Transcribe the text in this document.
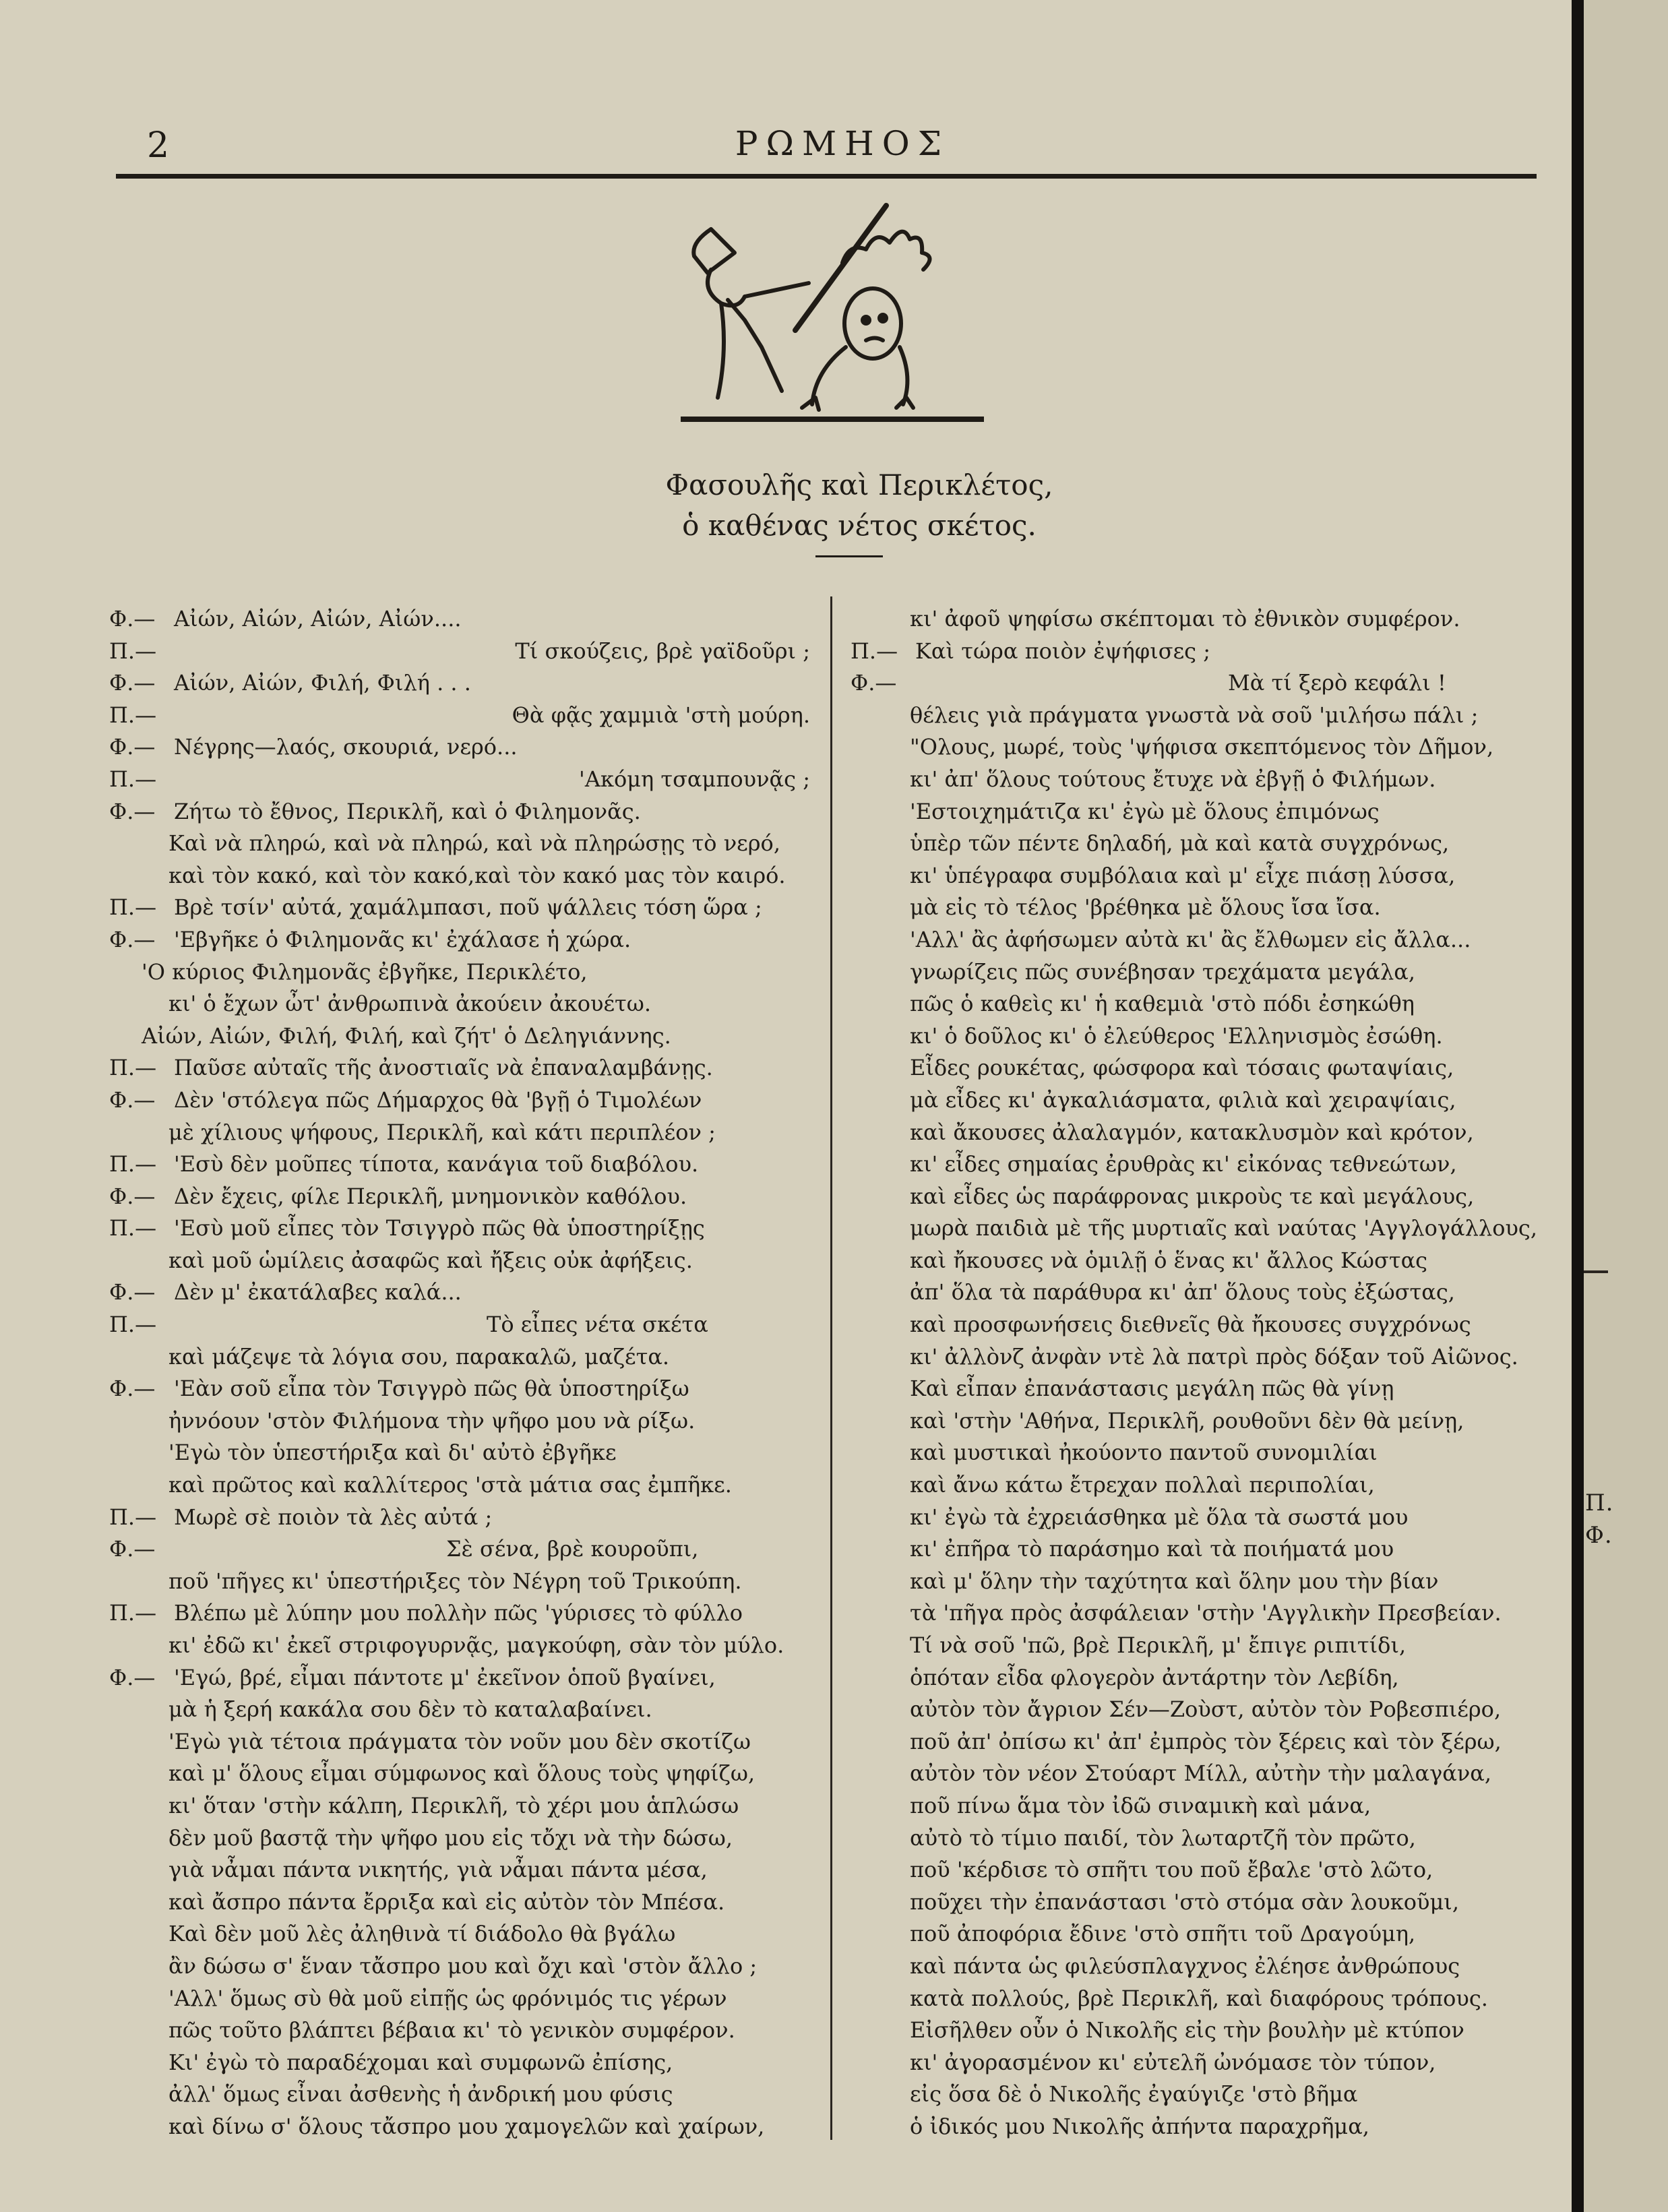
2	ΡΩΜΗΟΣ
Φασουλῆς καὶ Περικλέτος,
ὁ καθένας νέτος σκέτος.
Φ.— Αἰών, Αἰών, Αἰών, Αἰών....
Π.—	Τί σκούζεις, βρὲ γαϊδοῦρι ;
Φ.— Αἰών, Αἰών, Φιλή, Φιλή . . .
Π.—	Θὰ φᾷς χαμμιὰ 'στὴ μούρη.
Φ.— Νέγρης—λαός, σκουριά, νερό...
Π.—	'Ακόμη τσαμπουνᾷς ;
Φ.— Ζήτω τὸ ἔθνος, Περικλῆ, καὶ ὁ Φιλημονᾶς.
Καὶ νὰ πληρώ, καὶ νὰ πληρώ, καὶ νὰ πληρώσῃς τὸ νερό,
καὶ τὸν κακό, καὶ τὸν κακό,καὶ τὸν κακό μας τὸν καιρό.
Π.— Βρὲ τσίν' αὐτά, χαμάλμπασι, ποῦ ψάλλεις τόση ὥρα ;
Φ.— 'Εβγῆκε ὁ Φιλημονᾶς κι' ἐχάλασε ἡ χώρα.
'Ο κύριος Φιλημονᾶς ἐβγῆκε, Περικλέτο,
κι' ὁ ἔχων ὦτ' ἀνθρωπινὰ ἀκούειν ἀκουέτω.
Αἰών, Αἰών, Φιλή, Φιλή, καὶ ζήτ' ὁ Δεληγιάννης.
Π.— Παῦσε αὐταῖς τῆς ἀνοστιαῖς νὰ ἐπαναλαμβάνῃς.
Φ.— Δὲν 'στόλεγα πῶς Δήμαρχος θὰ 'βγῇ ὁ Τιμολέων
μὲ χίλιους ψήφους, Περικλῆ, καὶ κάτι περιπλέον ;
Π.— 'Εσὺ δὲν μοῦπες τίποτα, κανάγια τοῦ διαβόλου.
Φ.— Δὲν ἔχεις, φίλε Περικλῆ, μνημονικὸν καθόλου.
Π.— 'Εσὺ μοῦ εἶπες τὸν Τσιγγρὸ πῶς θὰ ὑποστηρίξῃς
καὶ μοῦ ὡμίλεις ἀσαφῶς καὶ ἤξεις οὐκ ἀφήξεις.
Φ.— Δὲν μ' ἐκατάλαβες καλά...
Π.—	Τὸ εἶπες νέτα σκέτα
καὶ μάζεψε τὰ λόγια σου, παρακαλῶ, μαζέτα.
Φ.— 'Εὰν σοῦ εἶπα τὸν Τσιγγρὸ πῶς θὰ ὑποστηρίξω
ἠννόουν 'στὸν Φιλήμονα τὴν ψῆφο μου νὰ ρίξω.
'Εγὼ τὸν ὑπεστήριξα καὶ δι' αὐτὸ ἐβγῆκε
καὶ πρῶτος καὶ καλλίτερος 'στὰ μάτια σας ἐμπῆκε.
Π.— Μωρὲ σὲ ποιὸν τὰ λὲς αὐτά ;
Φ.—	Σὲ σένα, βρὲ κουροῦπι,
ποῦ 'πῆγες κι' ὑπεστήριξες τὸν Νέγρη τοῦ Τρικούπη.
Π.— Βλέπω μὲ λύπην μου πολλὴν πῶς 'γύρισες τὸ φύλλο
κι' ἐδῶ κι' ἐκεῖ στριφογυρνᾷς, μαγκούφη, σὰν τὸν μύλο.
Φ.— 'Εγώ, βρέ, εἶμαι πάντοτε μ' ἐκεῖνον ὁποῦ βγαίνει,
μὰ ἡ ξερή κακάλα σου δὲν τὸ καταλαβαίνει.
'Εγὼ γιὰ τέτοια πράγματα τὸν νοῦν μου δὲν σκοτίζω
καὶ μ' ὅλους εἶμαι σύμφωνος καὶ ὅλους τοὺς ψηφίζω,
κι' ὅταν 'στὴν κάλπη, Περικλῆ, τὸ χέρι μου ἁπλώσω
δὲν μοῦ βαστᾷ τὴν ψῆφο μου εἰς τὄχι νὰ τὴν δώσω,
γιὰ νἆμαι πάντα νικητής, γιὰ νἆμαι πάντα μέσα,
καὶ ἄσπρο πάντα ἔρριξα καὶ εἰς αὐτὸν τὸν Μπέσα.
Καὶ δὲν μοῦ λὲς ἀληθινὰ τί διάδολο θὰ βγάλω
ἂν δώσω σ' ἕναν τἄσπρο μου καὶ ὄχι καὶ 'στὸν ἄλλο ;
'Αλλ' ὅμως σὺ θὰ μοῦ εἰπῇς ὡς φρόνιμός τις γέρων
πῶς τοῦτο βλάπτει βέβαια κι' τὸ γενικὸν συμφέρον.
Κι' ἐγὼ τὸ παραδέχομαι καὶ συμφωνῶ ἐπίσης,
ἀλλ' ὅμως εἶναι ἀσθενὴς ἡ ἀνδρική μου φύσις
καὶ δίνω σ' ὅλους τἄσπρο μου χαμογελῶν καὶ χαίρων,
κι' ἀφοῦ ψηφίσω σκέπτομαι τὸ ἐθνικὸν συμφέρον.
Π.— Καὶ τώρα ποιὸν ἐψήφισες ;
Φ.—	Μὰ τί ξερὸ κεφάλι !
θέλεις γιὰ πράγματα γνωστὰ νὰ σοῦ 'μιλήσω πάλι ;
"Ολους, μωρέ, τοὺς 'ψήφισα σκεπτόμενος τὸν Δῆμον,
κι' ἀπ' ὅλους τούτους ἔτυχε νὰ ἐβγῇ ὁ Φιλήμων.
'Εστοιχημάτιζα κι' ἐγὼ μὲ ὅλους ἐπιμόνως
ὑπὲρ τῶν πέντε δηλαδή, μὰ καὶ κατὰ συγχρόνως,
κι' ὑπέγραφα συμβόλαια καὶ μ' εἶχε πιάσῃ λύσσα,
μὰ εἰς τὸ τέλος 'βρέθηκα μὲ ὅλους ἴσα ἴσα.
'Αλλ' ἂς ἀφήσωμεν αὐτὰ κι' ἂς ἔλθωμεν εἰς ἄλλα...
γνωρίζεις πῶς συνέβησαν τρεχάματα μεγάλα,
πῶς ὁ καθεὶς κι' ἡ καθεμιὰ 'στὸ πόδι ἐσηκώθη
κι' ὁ δοῦλος κι' ὁ ἐλεύθερος 'Ελληνισμὸς ἐσώθη.
Εἶδες ρουκέτας, φώσφορα καὶ τόσαις φωταψίαις,
μὰ εἶδες κι' ἀγκαλιάσματα, φιλιὰ καὶ χειραψίαις,
καὶ ἄκουσες ἀλαλαγμόν, κατακλυσμὸν καὶ κρότον,
κι' εἶδες σημαίας ἐρυθρὰς κι' εἰκόνας τεθνεώτων,
καὶ εἶδες ὡς παράφρονας μικροὺς τε καὶ μεγάλους,
μωρὰ παιδιὰ μὲ τῆς μυρτιαῖς καὶ ναύτας 'Αγγλογάλλους,
καὶ ἤκουσες νὰ ὁμιλῇ ὁ ἕνας κι' ἄλλος Κώστας
ἀπ' ὅλα τὰ παράθυρα κι' ἀπ' ὅλους τοὺς ἐξώστας,
καὶ προσφωνήσεις διεθνεῖς θὰ ἤκουσες συγχρόνως
κι' ἀλλὸνζ ἀνφὰν ντὲ λὰ πατρὶ πρὸς δόξαν τοῦ Αἰῶνος.
Καὶ εἶπαν ἐπανάστασις μεγάλη πῶς θὰ γίνῃ
καὶ 'στὴν 'Αθήνα, Περικλῆ, ρουθοῦνι δὲν θὰ μείνῃ,
καὶ μυστικαὶ ἠκούοντο παντοῦ συνομιλίαι
καὶ ἄνω κάτω ἔτρεχαν πολλαὶ περιπολίαι,
κι' ἐγὼ τὰ ἐχρειάσθηκα μὲ ὅλα τὰ σωστά μου
κι' ἐπῆρα τὸ παράσημο καὶ τὰ ποιήματά μου
καὶ μ' ὅλην τὴν ταχύτητα καὶ ὅλην μου τὴν βίαν
τὰ 'πῆγα πρὸς ἀσφάλειαν 'στὴν 'Αγγλικὴν Πρεσβείαν.
Τί νὰ σοῦ 'πῶ, βρὲ Περικλῆ, μ' ἔπιγε ριπιτίδι,
ὁπόταν εἶδα φλογερὸν ἀντάρτην τὸν Λεβίδη,
αὐτὸν τὸν ἄγριον Σέν—Ζοὺστ, αὐτὸν τὸν Ροβεσπιέρο,
ποῦ ἀπ' ὀπίσω κι' ἀπ' ἐμπρὸς τὸν ξέρεις καὶ τὸν ξέρω,
αὐτὸν τὸν νέον Στούαρτ Μίλλ, αὐτὴν τὴν μαλαγάνα,
ποῦ πίνω ἅμα τὸν ἰδῶ σιναμικὴ καὶ μάνα,
αὐτὸ τὸ τίμιο παιδί, τὸν λωταρτζῆ τὸν πρῶτο,
ποῦ 'κέρδισε τὸ σπῆτι του ποῦ ἔβαλε 'στὸ λῶτο,
ποῦχει τὴν ἐπανάστασι 'στὸ στόμα σὰν λουκοῦμι,
ποῦ ἀποφόρια ἔδινε 'στὸ σπῆτι τοῦ Δραγούμη,
καὶ πάντα ὡς φιλεύσπλαγχνος ἐλέησε ἀνθρώπους
κατὰ πολλούς, βρὲ Περικλῆ, καὶ διαφόρους τρόπους.
Εἰσῆλθεν οὖν ὁ Νικολῆς εἰς τὴν βουλὴν μὲ κτύπον
κι' ἀγορασμένον κι' εὐτελῆ ὠνόμασε τὸν τύπον,
εἰς ὅσα δὲ ὁ Νικολῆς ἐγαύγιζε 'στὸ βῆμα
ὁ ἰδικός μου Νικολῆς ἀπήντα παραχρῆμα,
Π.
Φ.
